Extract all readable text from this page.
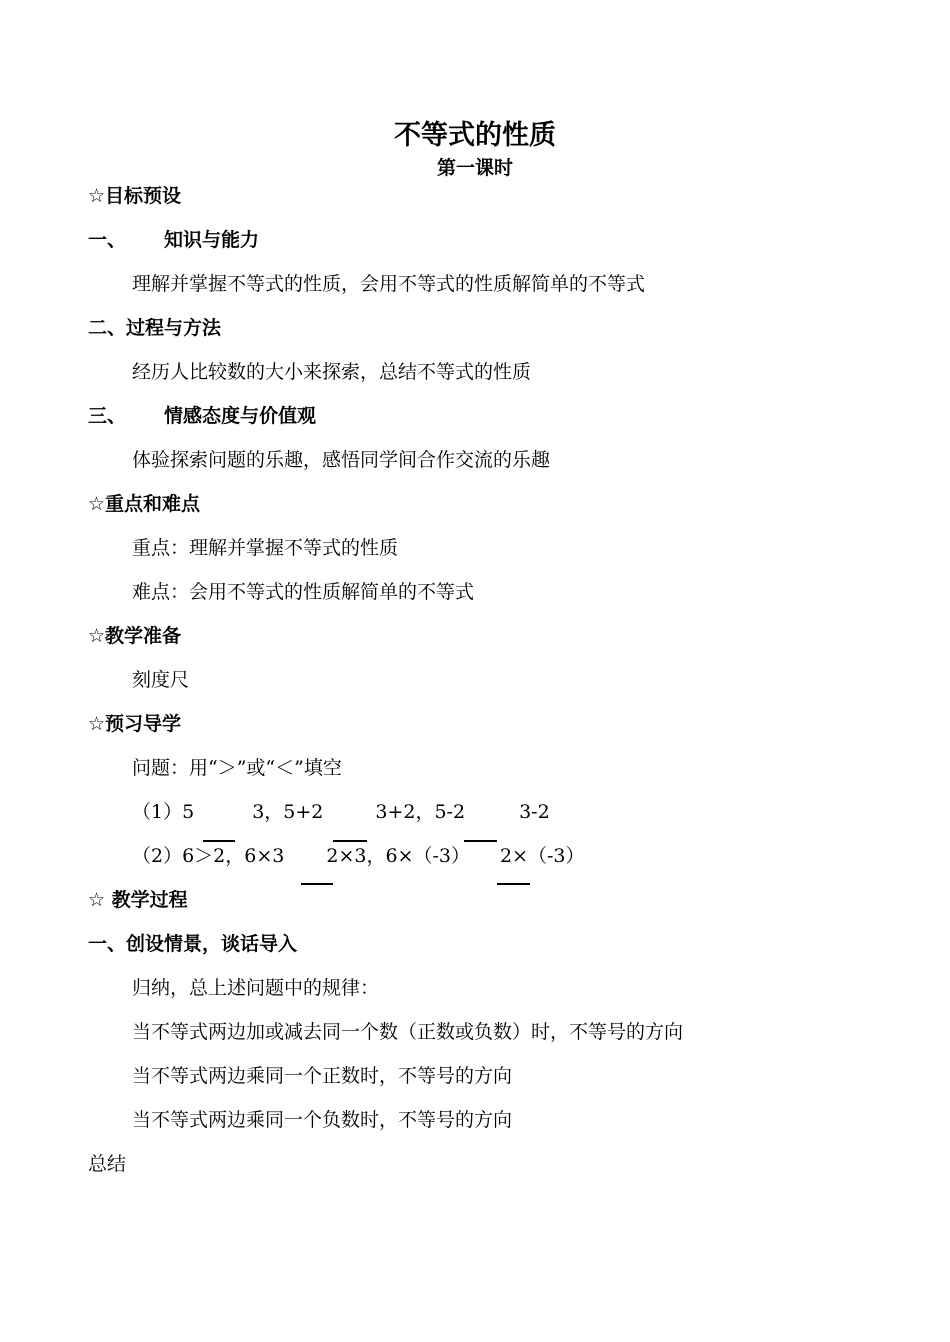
不等式的性质
第一课时
☆目标预设
一、 知识与能力
理解并掌握不等式的性质，会用不等式的性质解简单的不等式
二、过程与方法
经历人比较数的大小来探索，总结不等式的性质
三、 情感态度与价值观
体验探索问题的乐趣，感悟同学间合作交流的乐趣
☆重点和难点
重点：理解并掌握不等式的性质
难点：会用不等式的性质解简单的不等式
☆教学准备
刻度尺
☆预习导学
问题：用“＞”或“＜”填空
（1）5	3，5+2	3+2，5-2	3-2
（2）6＞2，6×3 2×3，6×（-3） 2×（-3）
☆ 教学过程
一、创设情景，谈话导入
归纳，总上述问题中的规律：
当不等式两边加或减去同一个数（正数或负数）时，不等号的方向
当不等式两边乘同一个正数时，不等号的方向
当不等式两边乘同一个负数时，不等号的方向
总结
